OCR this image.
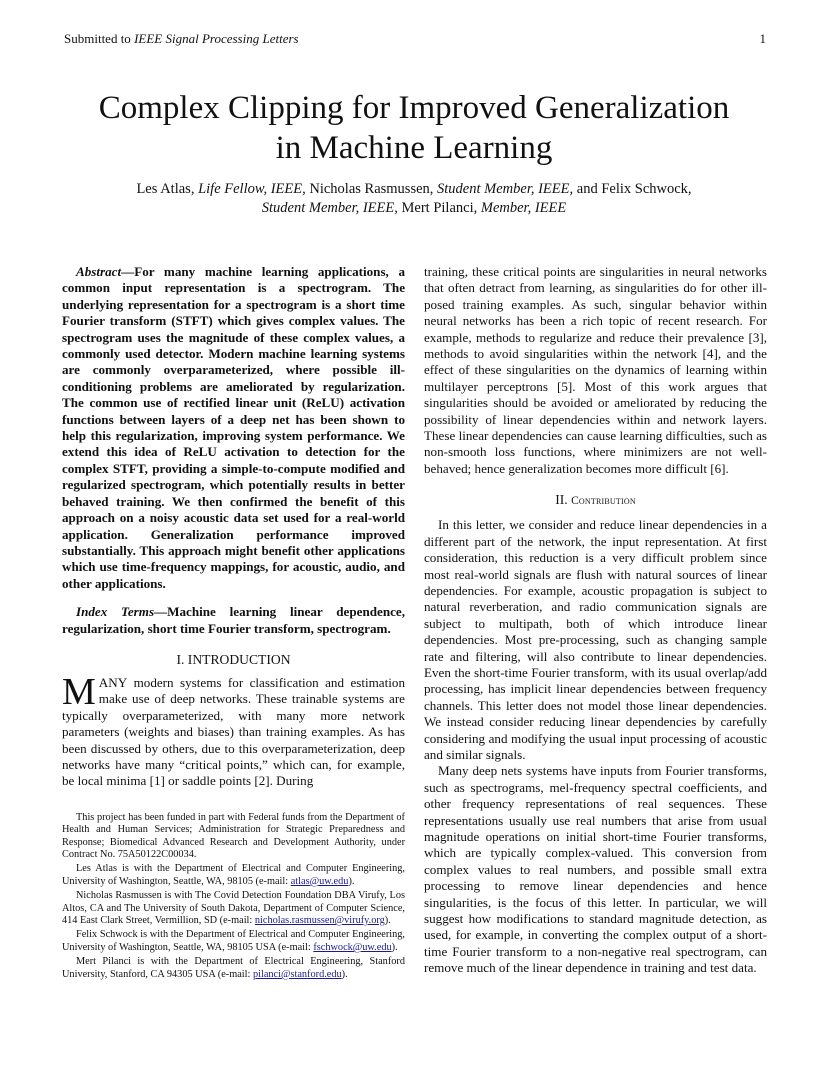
Submitted to IEEE Signal Processing Letters	1
Complex Clipping for Improved Generalization
in Machine Learning
Les Atlas, Life Fellow, IEEE, Nicholas Rasmussen, Student Member, IEEE, and Felix Schwock,
Student Member, IEEE, Mert Pilanci, Member, IEEE

Abstract—For many machine learning applications, a common input representation is a spectrogram. The underlying representation for a spectrogram is a short time Fourier transform (STFT) which gives complex values. The spectrogram uses the magnitude of these complex values, a commonly used detector. Modern machine learning systems are commonly overparameterized, where possible ill-conditioning problems are ameliorated by regularization. The common use of rectified linear unit (ReLU) activation functions between layers of a deep net has been shown to help this regularization, improving system performance. We extend this idea of ReLU activation to detection for the complex STFT, providing a simple-to-compute modified and regularized spectrogram, which potentially results in better behaved training. We then confirmed the benefit of this approach on a noisy acoustic data set used for a real-world application. Generalization performance improved substantially. This approach might benefit other applications which use time-frequency mappings, for acoustic, audio, and other applications.

Index Terms—Machine learning linear dependence, regularization, short time Fourier transform, spectrogram.

I. INTRODUCTION

MANY modern systems for classification and estimation make use of deep networks. These trainable systems are typically overparameterized, with many more network parameters (weights and biases) than training examples. As has been discussed by others, due to this overparameterization, deep networks have many “critical points,” which can, for example, be local minima [1] or saddle points [2]. During

This project has been funded in part with Federal funds from the Department of Health and Human Services; Administration for Strategic Preparedness and Response; Biomedical Advanced Research and Development Authority, under Contract No. 75A50122C00034.

Les Atlas is with the Department of Electrical and Computer Engineering, University of Washington, Seattle, WA, 98105 (e-mail: atlas@uw.edu).

Nicholas Rasmussen is with The Covid Detection Foundation DBA Virufy, Los Altos, CA and The University of South Dakota, Department of Computer Science, 414 East Clark Street, Vermillion, SD (e-mail: nicholas.rasmussen@virufy.org).

Felix Schwock is with the Department of Electrical and Computer Engineering, University of Washington, Seattle, WA, 98105 USA (e-mail: fschwock@uw.edu).

Mert Pilanci is with the Department of Electrical Engineering, Stanford University, Stanford, CA 94305 USA (e-mail: pilanci@stanford.edu).

training, these critical points are singularities in neural networks that often detract from learning, as singularities do for other ill-posed training examples. As such, singular behavior within neural networks has been a rich topic of recent research. For example, methods to regularize and reduce their prevalence [3], methods to avoid singularities within the network [4], and the effect of these singularities on the dynamics of learning within multilayer perceptrons [5]. Most of this work argues that singularities should be avoided or ameliorated by reducing the possibility of linear dependencies within and network layers. These linear dependencies can cause learning difficulties, such as non-smooth loss functions, where minimizers are not well-behaved; hence generalization becomes more difficult [6].

II. Contribution

In this letter, we consider and reduce linear dependencies in a different part of the network, the input representation. At first consideration, this reduction is a very difficult problem since most real-world signals are flush with natural sources of linear dependencies. For example, acoustic propagation is subject to natural reverberation, and radio communication signals are subject to multipath, both of which introduce linear dependencies. Most pre-processing, such as changing sample rate and filtering, will also contribute to linear dependencies. Even the short-time Fourier transform, with its usual overlap/add processing, has implicit linear dependencies between frequency channels. This letter does not model those linear dependencies. We instead consider reducing linear dependencies by carefully considering and modifying the usual input processing of acoustic and similar signals.

Many deep nets systems have inputs from Fourier transforms, such as spectrograms, mel-frequency spectral coefficients, and other frequency representations of real sequences. These representations usually use real numbers that arise from usual magnitude operations on initial short-time Fourier transforms, which are typically complex-valued. This conversion from complex values to real numbers, and possible small extra processing to remove linear dependencies and hence singularities, is the focus of this letter. In particular, we will suggest how modifications to standard magnitude detection, as used, for example, in converting the complex output of a short-time Fourier transform to a non-negative real spectrogram, can remove much of the linear dependence in training and test data.
